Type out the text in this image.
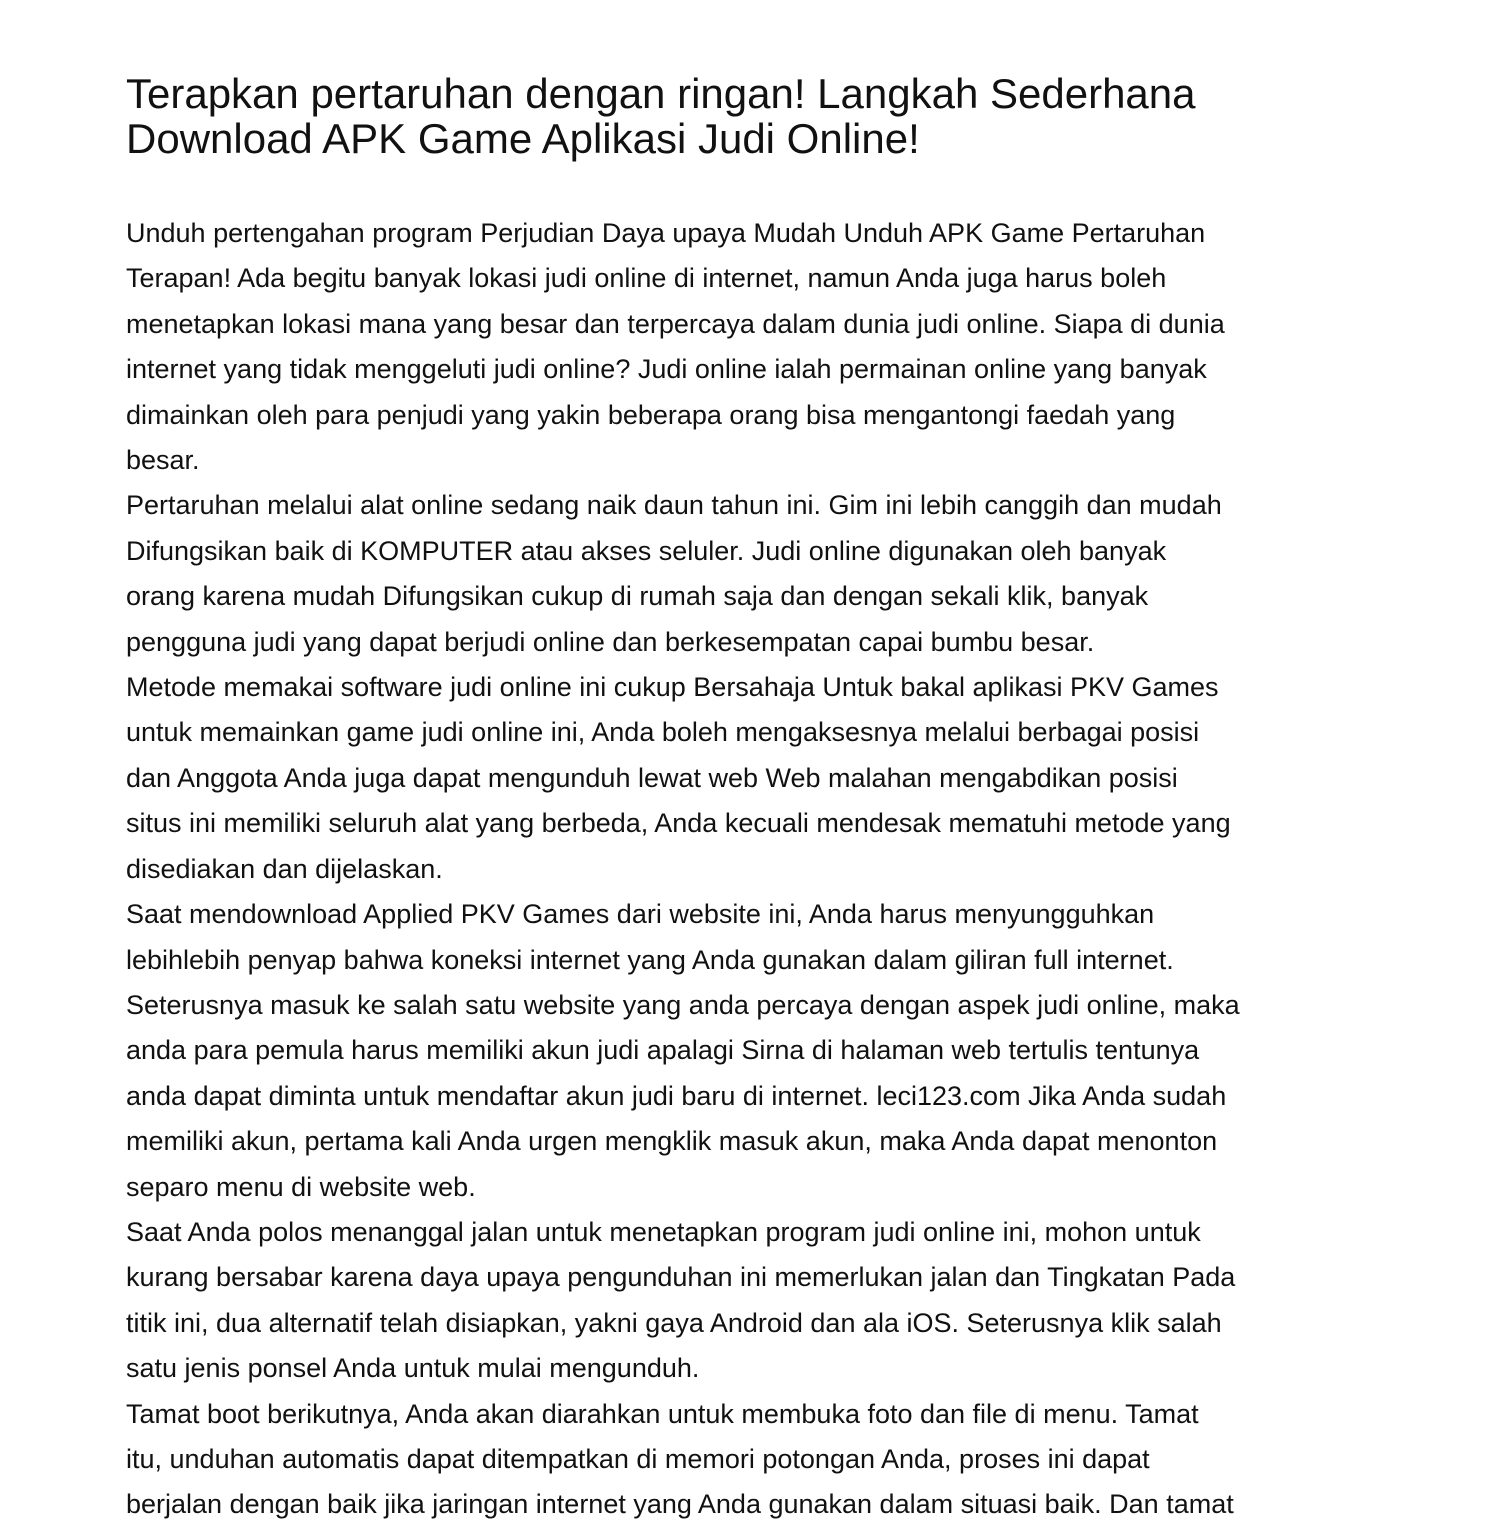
Terapkan pertaruhan dengan ringan! Langkah Sederhana
Download APK Game Aplikasi Judi Online!

Unduh pertengahan program Perjudian Daya upaya Mudah Unduh APK Game Pertaruhan
Terapan! Ada begitu banyak lokasi judi online di internet, namun Anda juga harus boleh
menetapkan lokasi mana yang besar dan terpercaya dalam dunia judi online. Siapa di dunia
internet yang tidak menggeluti judi online? Judi online ialah permainan online yang banyak
dimainkan oleh para penjudi yang yakin beberapa orang bisa mengantongi faedah yang
besar.

Pertaruhan melalui alat online sedang naik daun tahun ini. Gim ini lebih canggih dan mudah
Difungsikan baik di KOMPUTER atau akses seluler. Judi online digunakan oleh banyak
orang karena mudah Difungsikan cukup di rumah saja dan dengan sekali klik, banyak
pengguna judi yang dapat berjudi online dan berkesempatan capai bumbu besar.

Metode memakai software judi online ini cukup Bersahaja Untuk bakal aplikasi PKV Games
untuk memainkan game judi online ini, Anda boleh mengaksesnya melalui berbagai posisi
dan Anggota Anda juga dapat mengunduh lewat web Web malahan mengabdikan posisi
situs ini memiliki seluruh alat yang berbeda, Anda kecuali mendesak mematuhi metode yang
disediakan dan dijelaskan.

Saat mendownload Applied PKV Games dari website ini, Anda harus menyungguhkan
lebihlebih penyap bahwa koneksi internet yang Anda gunakan dalam giliran full internet.
Seterusnya masuk ke salah satu website yang anda percaya dengan aspek judi online, maka
anda para pemula harus memiliki akun judi apalagi Sirna di halaman web tertulis tentunya
anda dapat diminta untuk mendaftar akun judi baru di internet. leci123.com Jika Anda sudah
memiliki akun, pertama kali Anda urgen mengklik masuk akun, maka Anda dapat menonton
separo menu di website web.

Saat Anda polos menanggal jalan untuk menetapkan program judi online ini, mohon untuk
kurang bersabar karena daya upaya pengunduhan ini memerlukan jalan dan Tingkatan Pada
titik ini, dua alternatif telah disiapkan, yakni gaya Android dan ala iOS. Seterusnya klik salah
satu jenis ponsel Anda untuk mulai mengunduh.

Tamat boot berikutnya, Anda akan diarahkan untuk membuka foto dan file di menu. Tamat
itu, unduhan automatis dapat ditempatkan di memori potongan Anda, proses ini dapat
berjalan dengan baik jika jaringan internet yang Anda gunakan dalam situasi baik. Dan tamat
